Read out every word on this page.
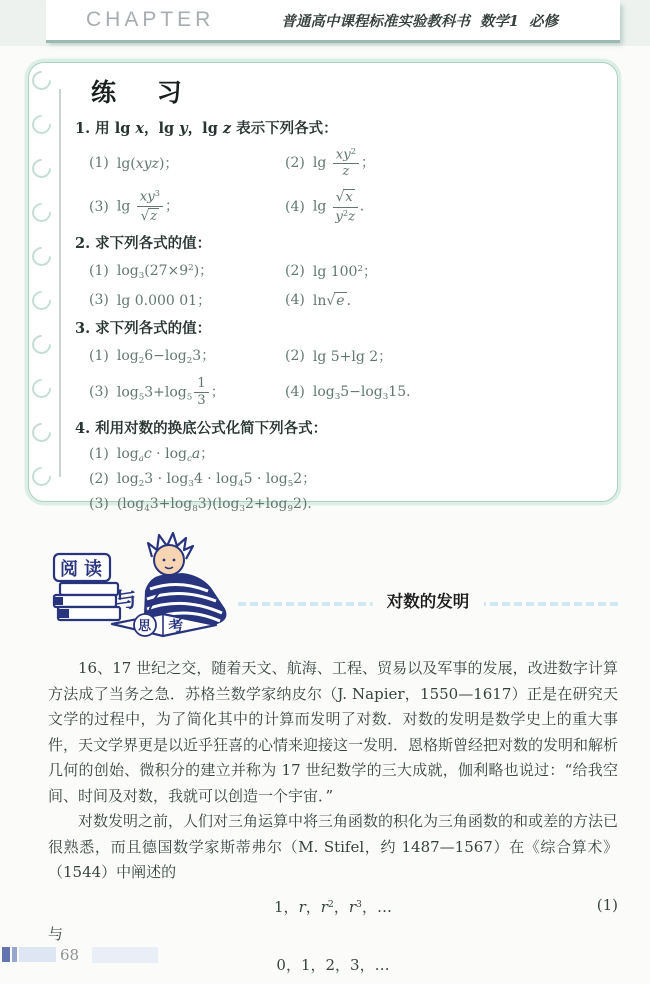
CHAPTER	普通高中课程标准实验教科书 数学1 必修
练 习
1. 用 lg x，lg y，lg z 表示下列各式：
(1) lg(xyz)；	(2) $\lg \frac{xy^2}{z}$ ；
(3) $\lg \frac{xy^3}{√ z}$ ；	(4) $\lg \frac{√ x}{y^2z}$ ．
2. 求下列各式的值：
(1) $\log_3(27\times 9^2)$；	(2) $\lg 100^2$；
(3) lg 0.000 01；	(4) ln√ e ．
3. 求下列各式的值：
(1) $\log_26-\log_23$；	(2) lg 5+lg 2；
(3) $\log_53+\log_5 \frac{1}{3}$ ；	(4) $\log_35-\log_315$．
4. 利用对数的换底公式化简下列各式：
(1) $\log_ac \cdot \log_ca$；
(2) $\log_23 \cdot \log_34 \cdot \log_45 \cdot \log_52$；
(3) $(\log_43+\log_83)(\log_32+\log_92)$．
阅 读
与
思 考
对数的发明

16、17 世纪之交，随着天文、航海、工程、贸易以及军事的发展，改进数字计算方法成了当务之急．苏格兰数学家纳皮尔（J. Napier，1550—1617）正是在研究天文学的过程中，为了简化其中的计算而发明了对数．对数的发明是数学史上的重大事件，天文学界更是以近乎狂喜的心情来迎接这一发明．恩格斯曾经把对数的发明和解析几何的创始、微积分的建立并称为 17 世纪数学的三大成就，伽利略也说过：“给我空间、时间及对数，我就可以创造一个宇宙．”

对数发明之前，人们对三角运算中将三角函数的积化为三角函数的和或差的方法已很熟悉，而且德国数学家斯蒂弗尔（M. Stifel，约 1487—1567）在《综合算术》（1544）中阐述的

1，r，$r^2$，$r^3$，…	(1)
与
0，1，2，3，…
68
